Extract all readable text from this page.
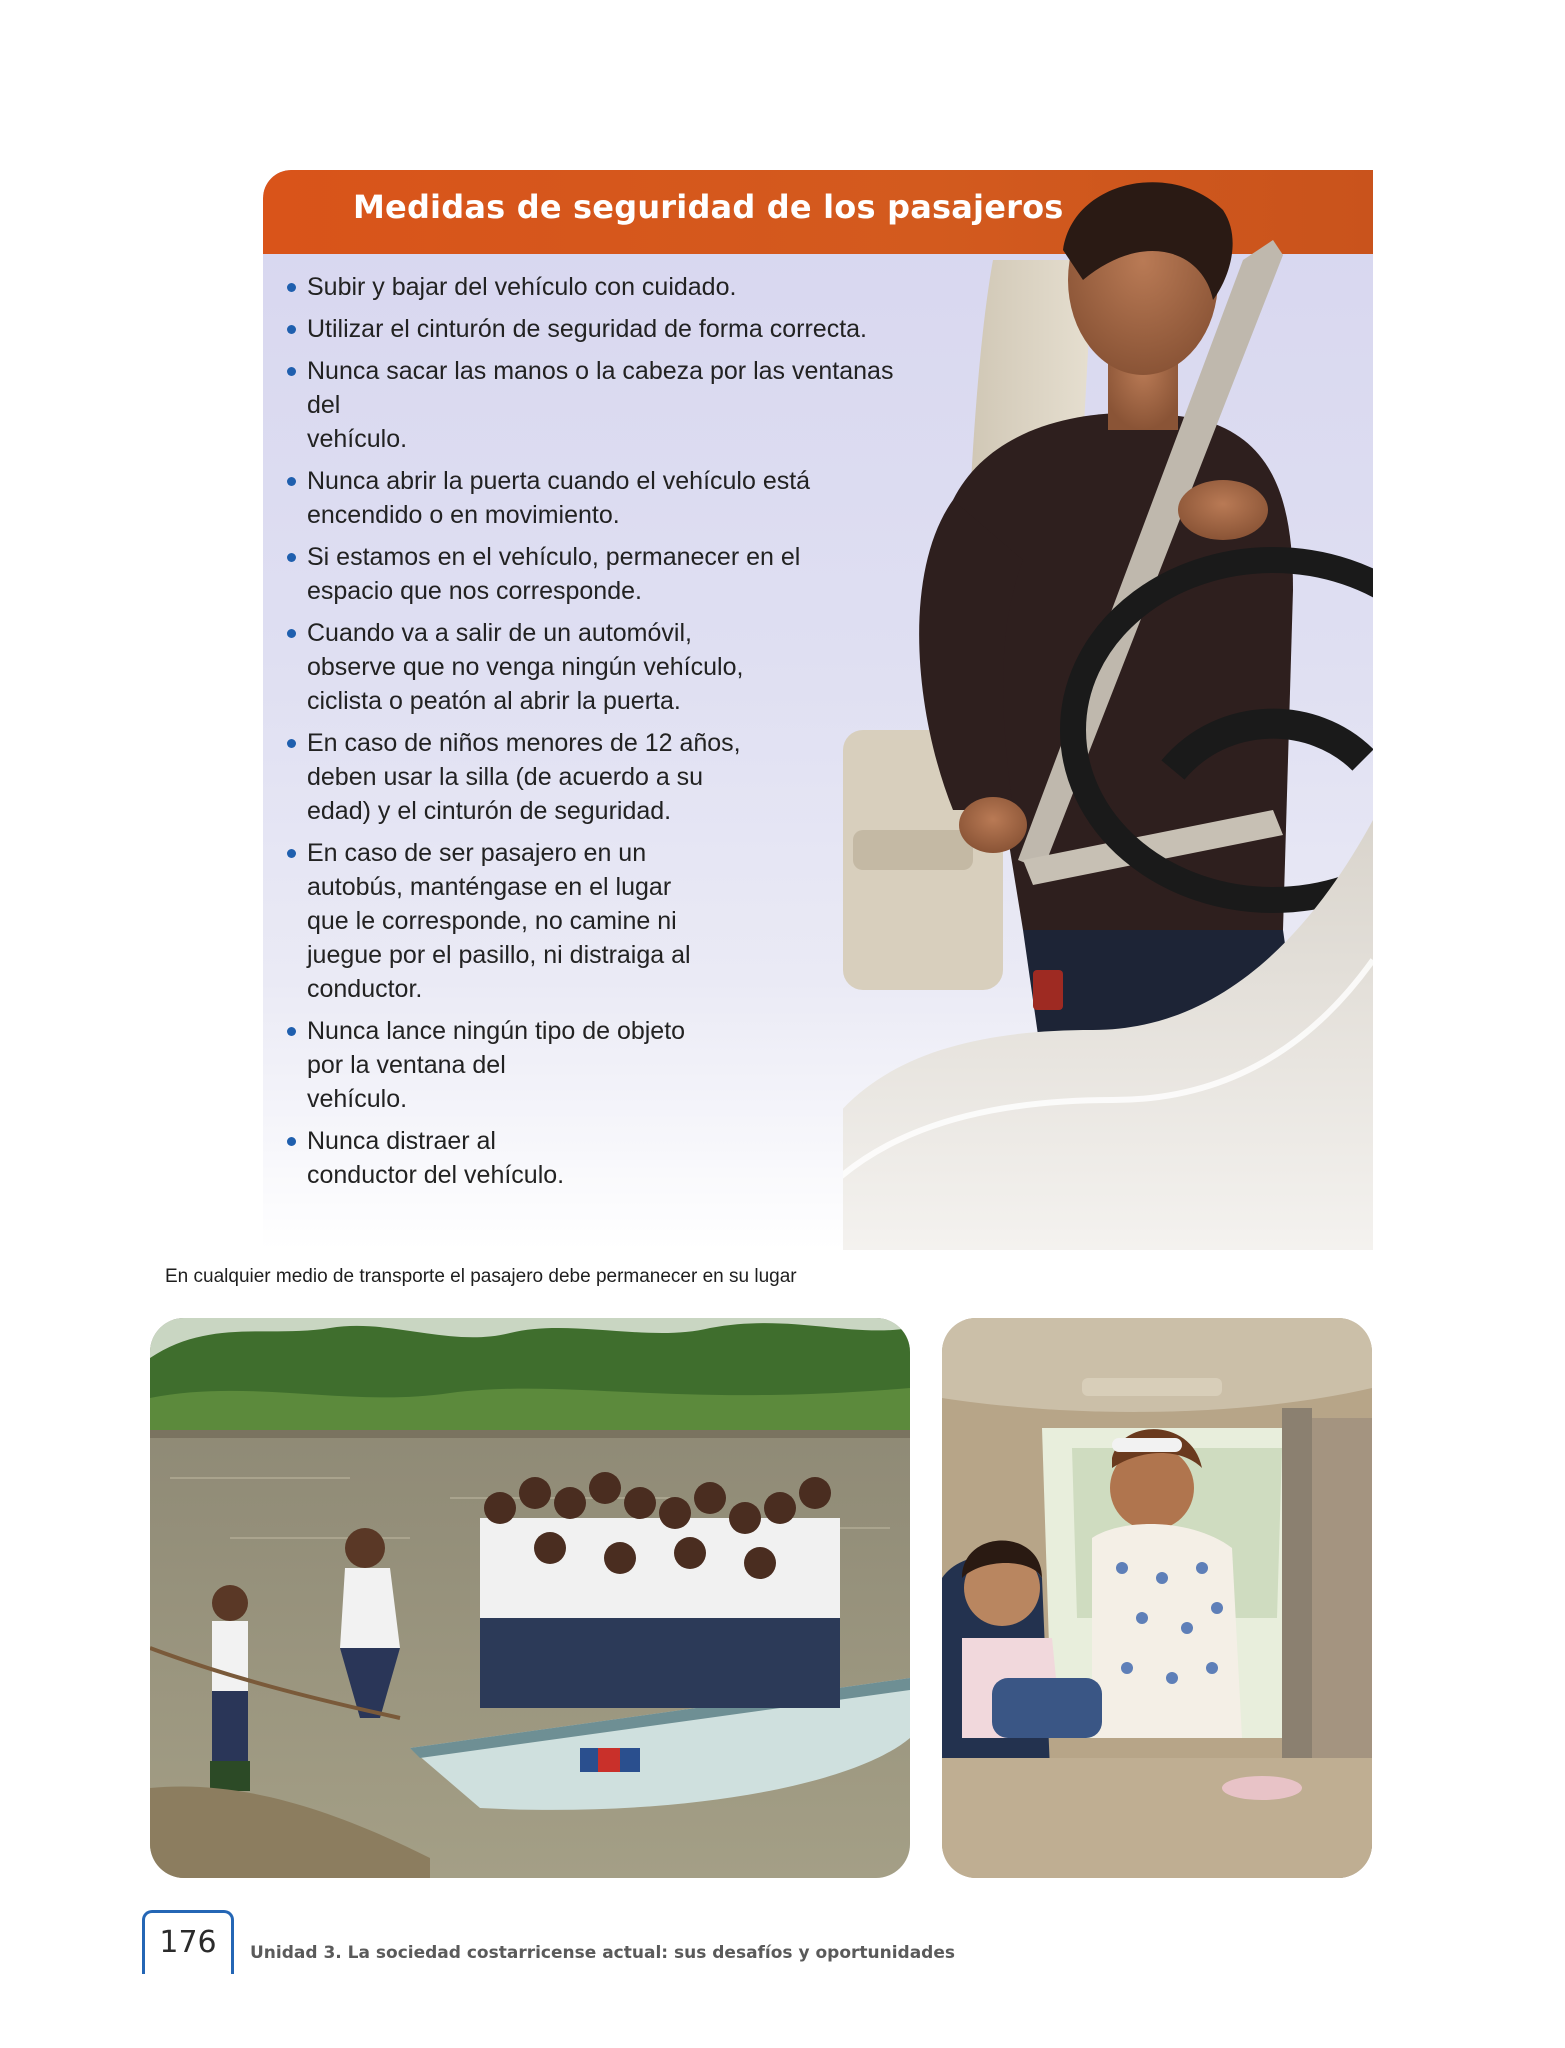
Medidas de seguridad de los pasajeros
Subir y bajar del vehículo con cuidado.
Utilizar el cinturón de seguridad de forma correcta.
Nunca sacar las manos o la cabeza por las ventanas del
vehículo.
Nunca abrir la puerta cuando el vehículo está
encendido o en movimiento.
Si estamos en el vehículo, permanecer en el
espacio que nos corresponde.
Cuando va a salir de un automóvil,
observe que no venga ningún vehículo,
ciclista o peatón al abrir la puerta.
En caso de niños menores de 12 años,
deben usar la silla (de acuerdo a su
edad) y el cinturón de seguridad.
En caso de ser pasajero en un
autobús, manténgase en el lugar
que le corresponde, no camine ni
juegue por el pasillo, ni distraiga al
conductor.
Nunca lance ningún tipo de objeto
por la ventana del
vehículo.
Nunca distraer al
conductor del vehículo.
En cualquier medio de transporte el pasajero debe permanecer en su lugar
176	Unidad 3. La sociedad costarricense actual: sus desafíos y oportunidades
